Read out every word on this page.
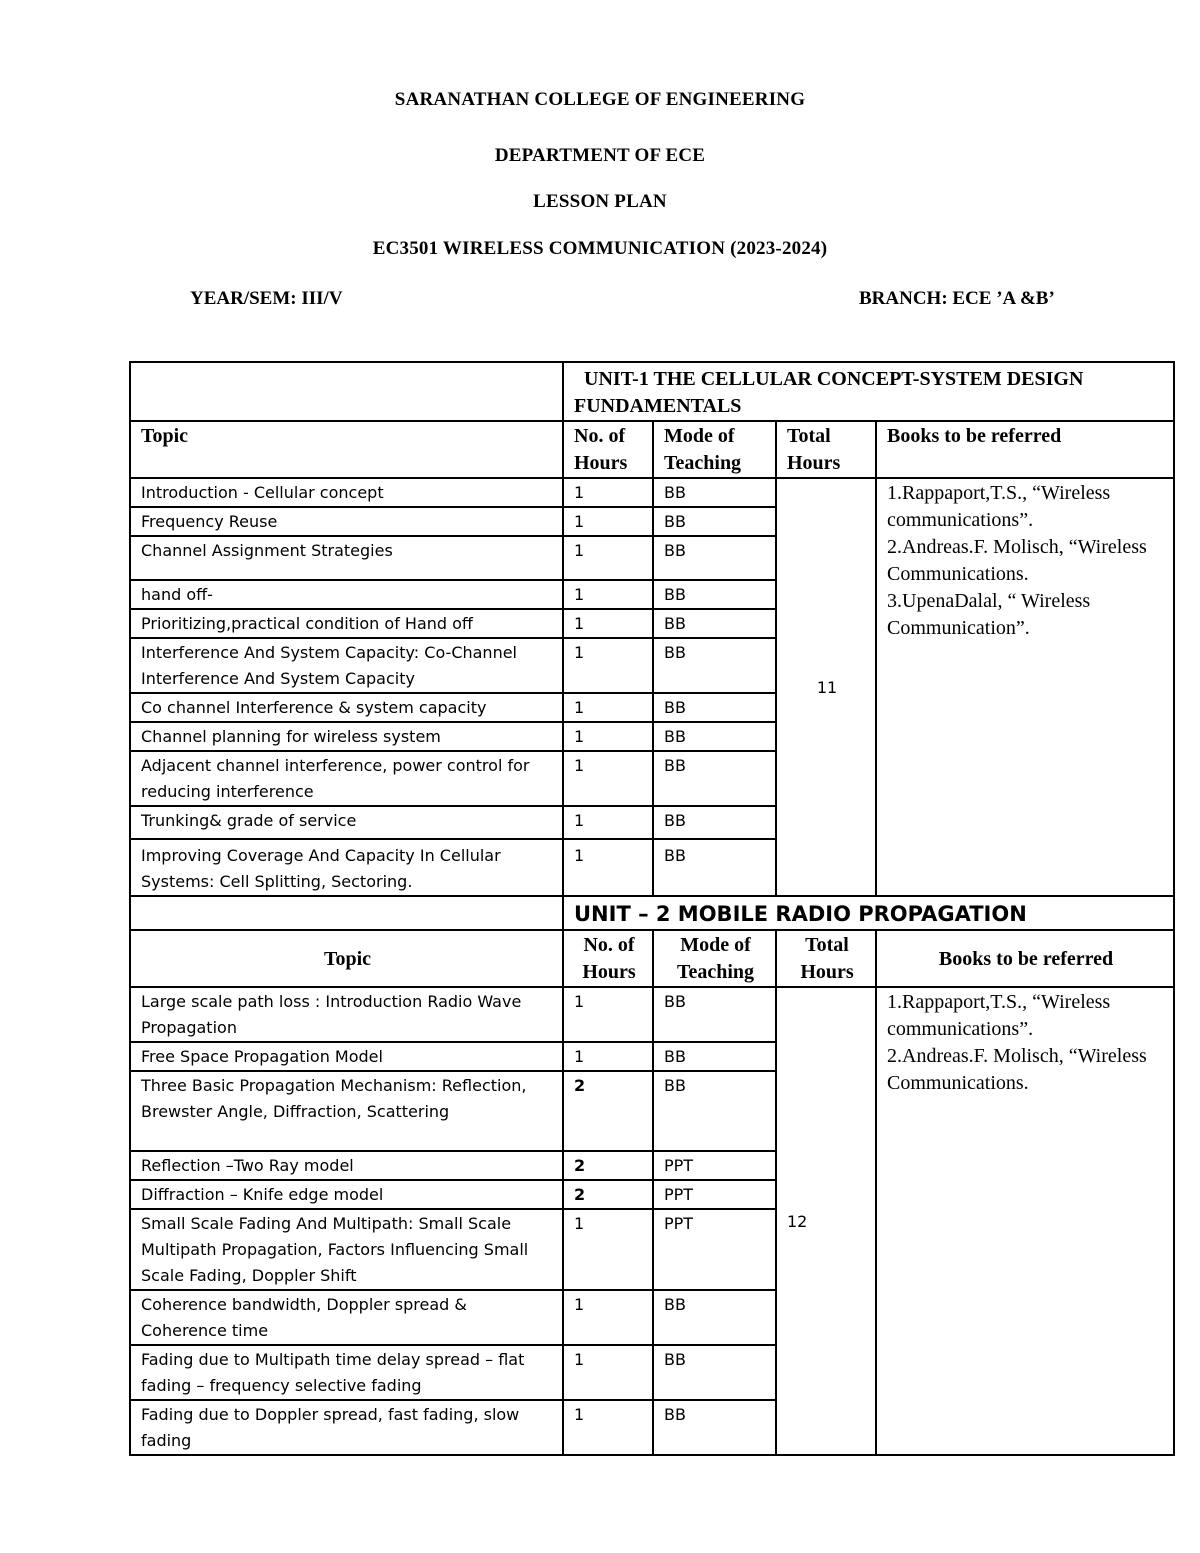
SARANATHAN COLLEGE OF ENGINEERING
DEPARTMENT OF ECE
LESSON PLAN
EC3501 WIRELESS COMMUNICATION (2023-2024)
YEAR/SEM: III/V	BRANCH: ECE ’A &B’
	UNIT-1 THE CELLULAR CONCEPT-SYSTEM DESIGN FUNDAMENTALS			
Topic	No. of Hours	Mode of Teaching	Total Hours	Books to be referred
Introduction - Cellular concept	1	BB	11	1.Rappaport,T.S., “Wireless communications”.
2.Andreas.F. Molisch, “Wireless Communications.
3.UpenaDalal, “ Wireless Communication”.

Frequency Reuse	1	BB		
Channel Assignment Strategies	1	BB		
hand off-	1	BB		
Prioritizing,practical condition of Hand off	1	BB		
Interference And System Capacity: Co-Channel Interference And System Capacity	1	BB		
Co channel Interference & system capacity	1	BB		
Channel planning for wireless system	1	BB		
Adjacent channel interference, power control for reducing interference	1	BB		
Trunking& grade of service	1	BB		
Improving Coverage And Capacity In Cellular Systems: Cell Splitting, Sectoring.	1	BB		
	UNIT – 2 MOBILE RADIO PROPAGATION			
Topic	No. of Hours	Mode of Teaching	Total Hours	Books to be referred
Large scale path loss : Introduction Radio Wave Propagation	1	BB	12	1.Rappaport,T.S., “Wireless communications”.
2.Andreas.F. Molisch, “Wireless Communications.

Free Space Propagation Model	1	BB		
Three Basic Propagation Mechanism: Reflection, Brewster Angle, Diffraction, Scattering	2	BB		
Reflection –Two Ray model	2	PPT		
Diffraction – Knife edge model	2	PPT		
Small Scale Fading And Multipath: Small Scale Multipath Propagation, Factors Influencing Small Scale Fading, Doppler Shift	1	PPT		
Coherence bandwidth, Doppler spread & Coherence time	1	BB		
Fading due to Multipath time delay spread – flat fading – frequency selective fading	1	BB		
Fading due to Doppler spread, fast fading, slow fading	1	BB		
